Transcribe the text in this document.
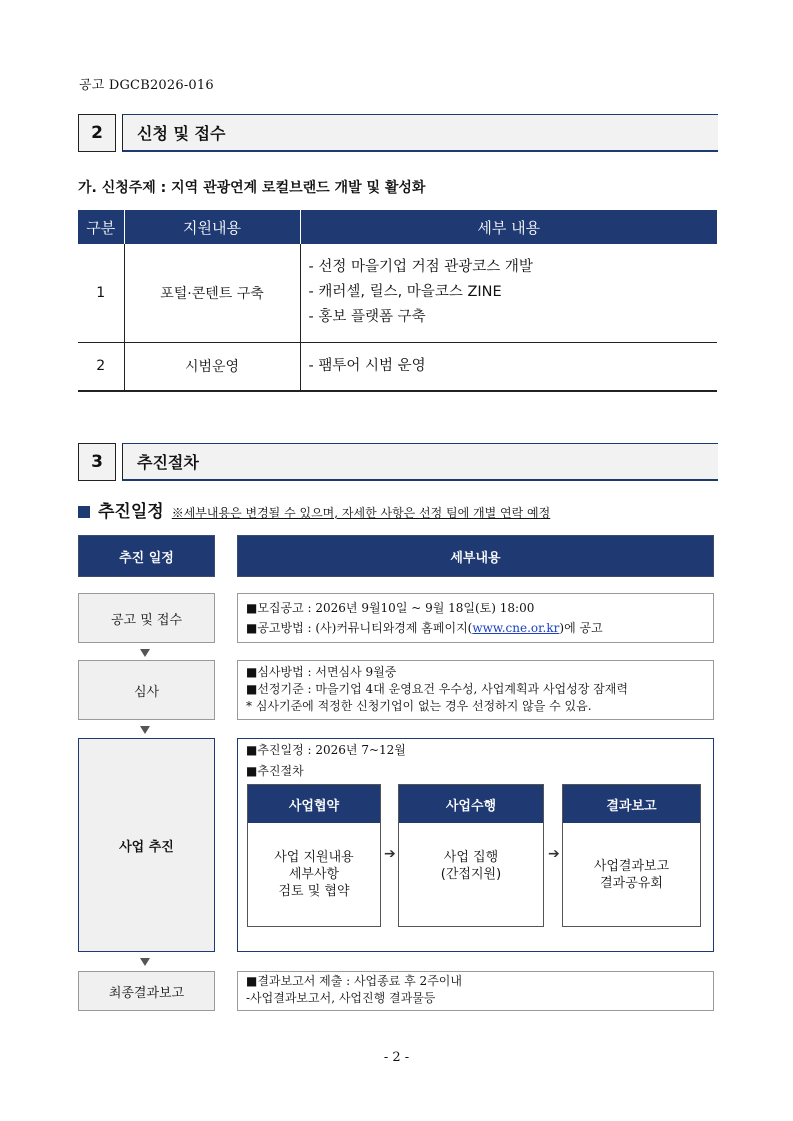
공고 DGCB2026-016
2	신청 및 접수
가. 신청주제 : 지역 관광연계 로컬브랜드 개발 및 활성화
구분	지원내용	세부 내용
1	포털·콘텐트 구축	- 선정 마을기업 거점 관광코스 개발
- 캐러셀, 릴스, 마을코스 ZINE
- 홍보 플랫폼 구축

2	시범운영	- 팸투어 시범 운영
3	추진절차
추진일정 ※세부내용은 변경될 수 있으며, 자세한 사항은 선정 팀에 개별 연락 예정
추진 일정	세부내용
공고 및 접수
■모집공고 : 2026년 9월10일 ~ 9월 18일(토) 18:00
■공고방법 : (사)커뮤니티와경제 홈페이지(www.cne.or.kr)에 공고
심사
■심사방법 : 서면심사 9월중
■선정기준 : 마을기업 4대 운영요건 우수성, 사업계획과 사업성장 잠재력
* 심사기준에 적정한 신청기업이 없는 경우 선정하지 않을 수 있음.
사업 추진
■추진일정 : 2026년 7~12월
■추진절차
사업협약
사업 지원내용
세부사항
검토 및 협약
➔
사업수행
사업 집행
(간접지원)
➔
결과보고
사업결과보고
결과공유회
최종결과보고
■결과보고서 제출 : 사업종료 후 2주이내
-사업결과보고서, 사업진행 결과물등
- 2 -
